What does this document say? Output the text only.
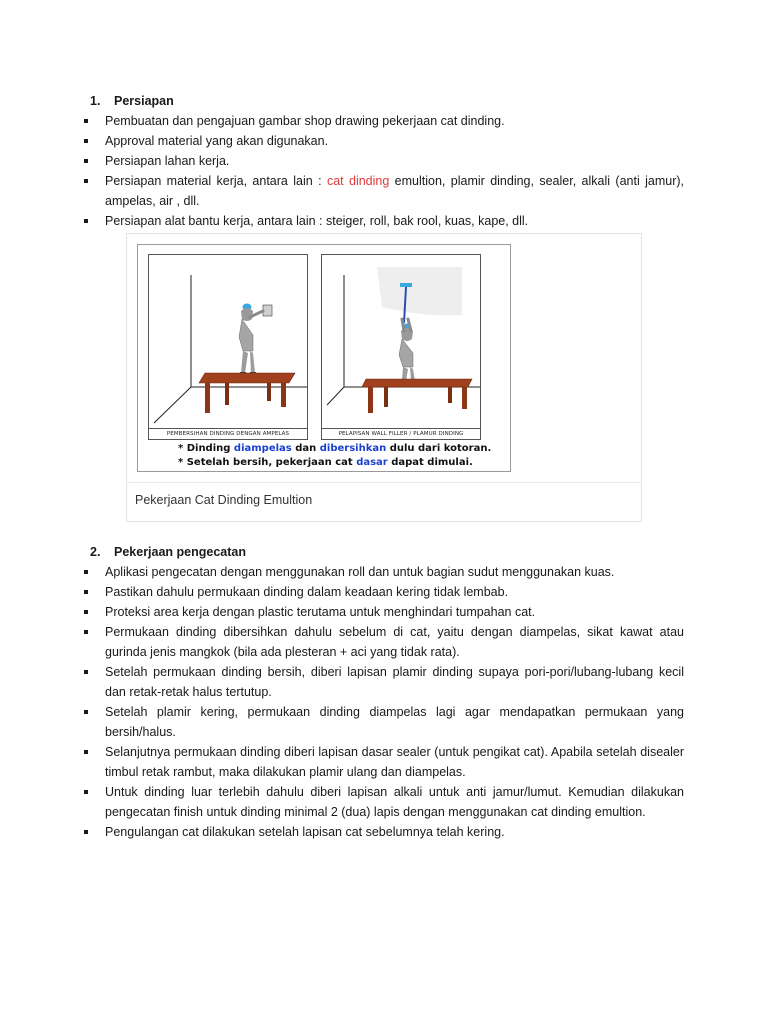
1. Persiapan
Pembuatan dan pengajuan gambar shop drawing pekerjaan cat dinding.
Approval material yang akan digunakan.
Persiapan lahan kerja.
Persiapan material kerja, antara lain : cat dinding emultion, plamir dinding, sealer, alkali (anti jamur), ampelas, air , dll.
Persiapan alat bantu kerja, antara lain : steiger, roll, bak rool, kuas, kape, dll.
PEMBERSIHAN DINDING DENGAN AMPELAS	PELAPISAN WALL FILLER / PLAMUR DINDING
* Dinding diampelas dan dibersihkan dulu dari kotoran.
* Setelah bersih, pekerjaan cat dasar dapat dimulai.
Pekerjaan Cat Dinding Emultion
2. Pekerjaan pengecatan
Aplikasi pengecatan dengan menggunakan roll dan untuk bagian sudut menggunakan kuas.
Pastikan dahulu permukaan dinding dalam keadaan kering tidak lembab.
Proteksi area kerja dengan plastic terutama untuk menghindari tumpahan cat.
Permukaan dinding dibersihkan dahulu sebelum di cat, yaitu dengan diampelas, sikat kawat atau gurinda jenis mangkok (bila ada plesteran + aci yang tidak rata).
Setelah permukaan dinding bersih, diberi lapisan plamir dinding supaya pori-pori/lubang-lubang kecil dan retak-retak halus tertutup.
Setelah plamir kering, permukaan dinding diampelas lagi agar mendapatkan permukaan yang bersih/halus.
Selanjutnya permukaan dinding diberi lapisan dasar sealer (untuk pengikat cat). Apabila setelah disealer timbul retak rambut, maka dilakukan plamir ulang dan diampelas.
Untuk dinding luar terlebih dahulu diberi lapisan alkali untuk anti jamur/lumut. Kemudian dilakukan pengecatan finish untuk dinding minimal 2 (dua) lapis dengan menggunakan cat dinding emultion.
Pengulangan cat dilakukan setelah lapisan cat sebelumnya telah kering.
